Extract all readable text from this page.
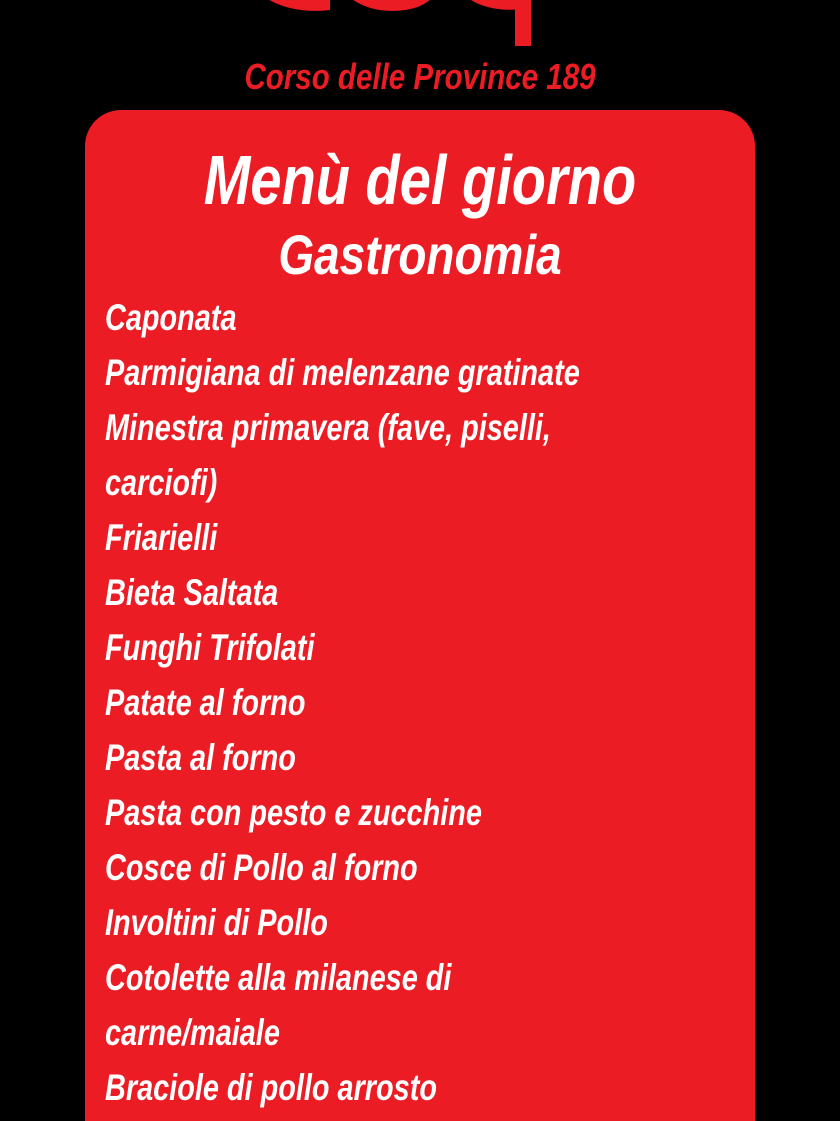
Corso delle Province 189
Menù del giorno
Gastronomia
Caponata
Parmigiana di melenzane gratinate
Minestra primavera (fave, piselli,
carciofi)
Friarielli
Bieta Saltata
Funghi Trifolati
Patate al forno
Pasta al forno
Pasta con pesto e zucchine
Cosce di Pollo al forno
Involtini di Pollo
Cotolette alla milanese di
carne/maiale
Braciole di pollo arrosto
